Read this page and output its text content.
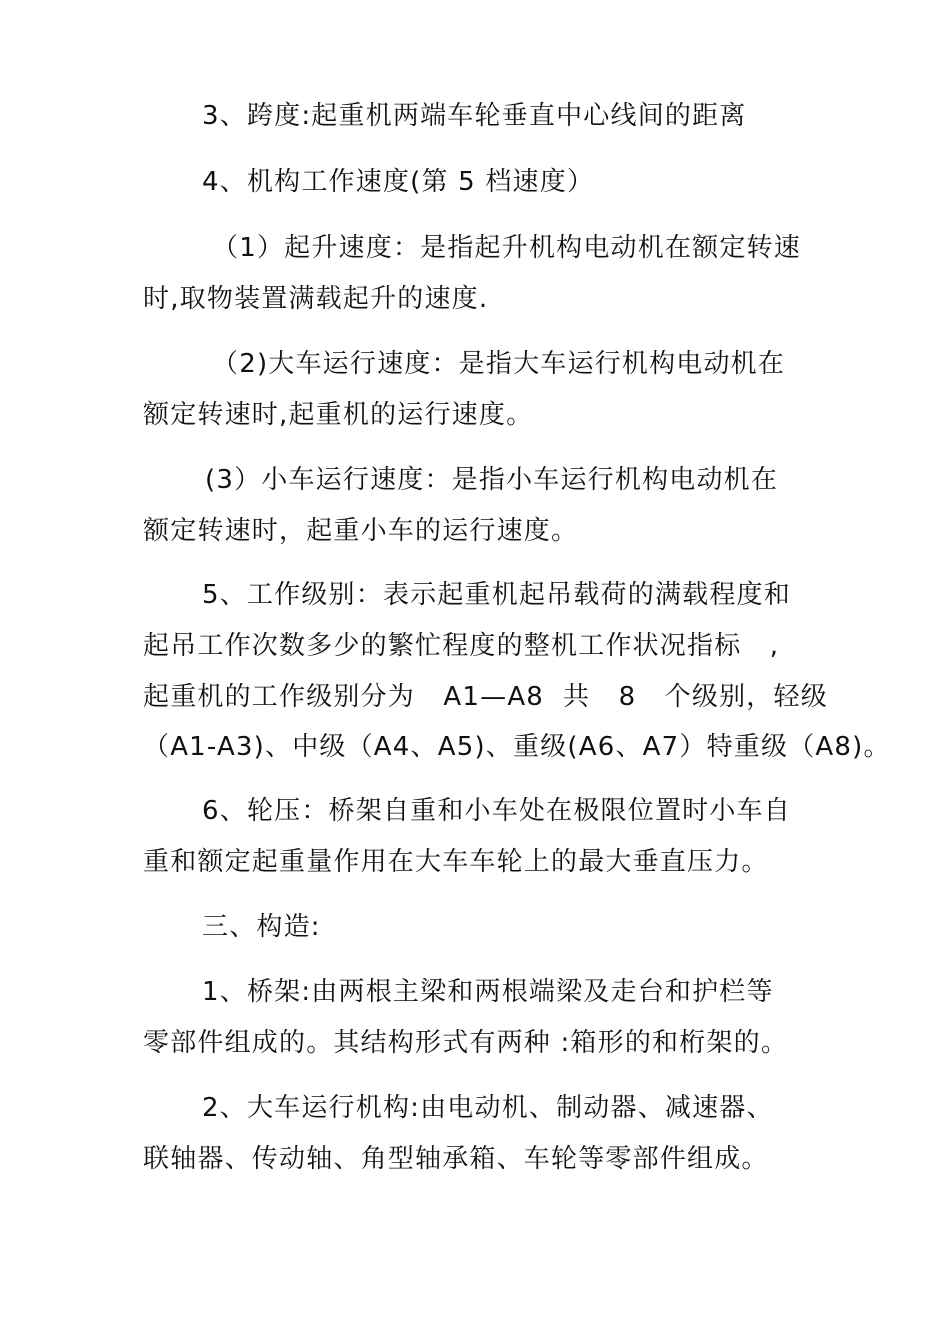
3、跨度:起重机两端车轮垂直中心线间的距离
4、机构工作速度(第 5 档速度）
（1）起升速度：是指起升机构电动机在额定转速
时,取物装置满载起升的速度.
（2)大车运行速度：是指大车运行机构电动机在
额定转速时,起重机的运行速度。
(3）小车运行速度：是指小车运行机构电动机在
额定转速时，起重小车的运行速度。
5、工作级别：表示起重机起吊载荷的满载程度和
起吊工作次数多少的繁忙程度的整机工作状况指标   ,
起重机的工作级别分为   A1—A8  共   8   个级别，轻级
（A1-A3)、中级（A4、A5)、重级(A6、A7）特重级（A8)。
6、轮压：桥架自重和小车处在极限位置时小车自
重和额定起重量作用在大车车轮上的最大垂直压力。
三、构造:
1、桥架:由两根主梁和两根端梁及走台和护栏等
零部件组成的。其结构形式有两种 :箱形的和桁架的。
2、大车运行机构:由电动机、制动器、减速器、
联轴器、传动轴、角型轴承箱、车轮等零部件组成。
